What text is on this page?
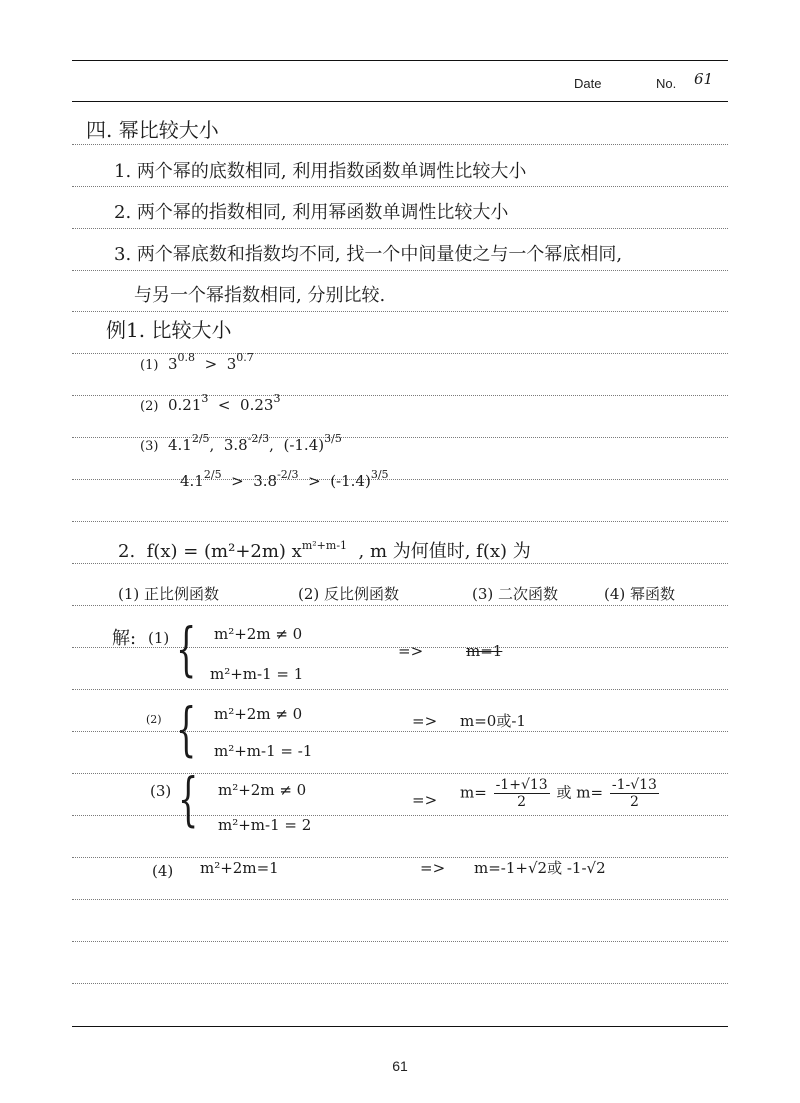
Date	No. 61
四. 幂比较大小
1. 两个幂的底数相同, 利用指数函数单调性比较大小
2. 两个幂的指数相同, 利用幂函数单调性比较大小
3. 两个幂底数和指数均不同, 找一个中间量使之与一个幂底相同,
与另一个幂指数相同, 分别比较.
例1. 比较大小
(1) $3^{0.8} > 3^{0.7}$
(2) $0.21^3 < 0.23^3$
(3) $4.1^{2/5}$, $3.8^{-2/3}$, $(-1.4)^{3/5}$
$4.1^{2/5} > 3.8^{-2/3} > (-1.4)^{3/5}$
2. f(x) = (m²+2m) $x^{m^2+m-1}$ , m 为何值时, f(x) 为
(1) 正比例函数	(2) 反比例函数	(3) 二次函数	(4) 幂函数
解: (1) { m²+2m ≠ 0
m²+m-1 = 1
=>	m=1
(2) { m²+2m ≠ 0
m²+m-1 = -1
=> m=0或-1
(3) { m²+2m ≠ 0
m²+m-1 = 2
=> $m= \frac{-1+√13}{2}$ 或 $m= \frac{-1-√13}{2}$
(4) m²+2m=1	=> m=-1+√2或 -1-√2
61
